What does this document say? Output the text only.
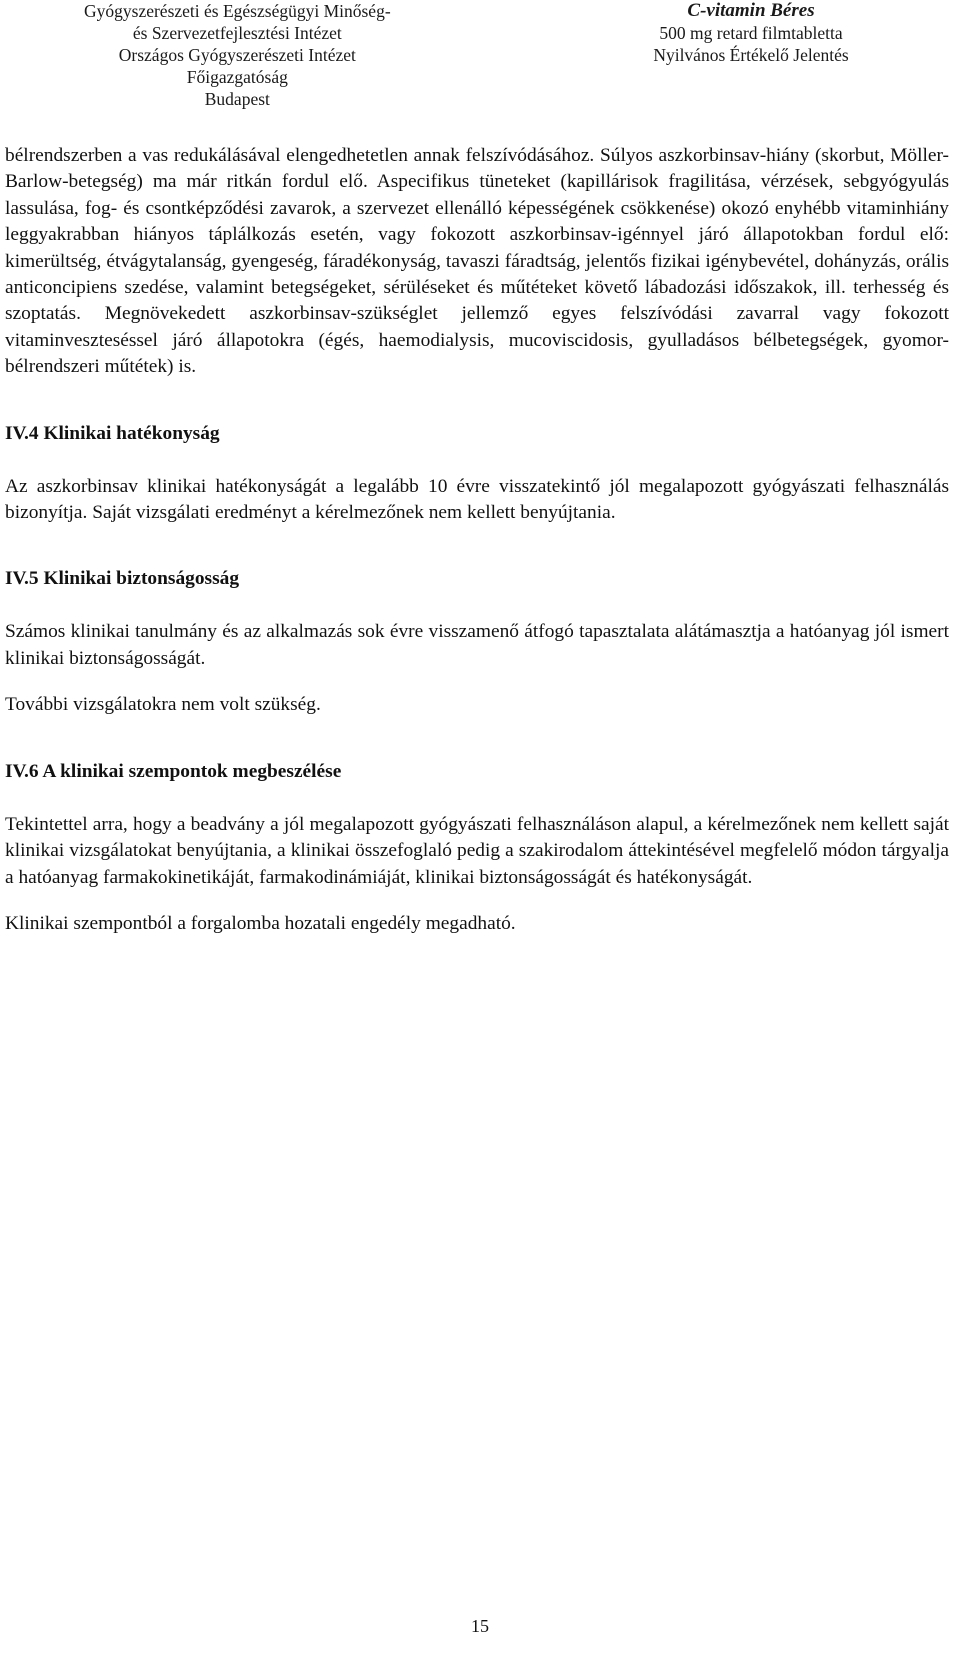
Gyógyszerészeti és Egészségügyi Minőség-
és Szervezetfejlesztési Intézet
Országos Gyógyszerészeti Intézet
Főigazgatóság
Budapest
C-vitamin Béres
500 mg retard filmtabletta
Nyilvános Értékelő Jelentés

bélrendszerben a vas redukálásával elengedhetetlen annak felszívódásához. Súlyos aszkorbinsav-hiány (skorbut, Möller-Barlow-betegség) ma már ritkán fordul elő. Aspecifikus tüneteket (kapillárisok fragilitása, vérzések, sebgyógyulás lassulása, fog- és csontképződési zavarok, a szervezet ellenálló képességének csökkenése) okozó enyhébb vitaminhiány leggyakrabban hiányos táplálkozás esetén, vagy fokozott aszkorbinsav-igénnyel járó állapotokban fordul elő: kimerültség, étvágytalanság, gyengeség, fáradékonyság, tavaszi fáradtság, jelentős fizikai igénybevétel, dohányzás, orális anticoncipiens szedése, valamint betegségeket, sérüléseket és műtéteket követő lábadozási időszakok, ill. terhesség és szoptatás. Megnövekedett aszkorbinsav-szükséglet jellemző egyes felszívódási zavarral vagy fokozott vitaminveszteséssel járó állapotokra (égés, haemodialysis, mucoviscidosis, gyulladásos bélbetegségek, gyomor-bélrendszeri műtétek) is.

IV.4 Klinikai hatékonyság

Az aszkorbinsav klinikai hatékonyságát a legalább 10 évre visszatekintő jól megalapozott gyógyászati felhasználás bizonyítja. Saját vizsgálati eredményt a kérelmezőnek nem kellett benyújtania.

IV.5 Klinikai biztonságosság

Számos klinikai tanulmány és az alkalmazás sok évre visszamenő átfogó tapasztalata alátámasztja a hatóanyag jól ismert klinikai biztonságosságát.

További vizsgálatokra nem volt szükség.

IV.6 A klinikai szempontok megbeszélése

Tekintettel arra, hogy a beadvány a jól megalapozott gyógyászati felhasználáson alapul, a kérelmezőnek nem kellett saját klinikai vizsgálatokat benyújtania, a klinikai összefoglaló pedig a szakirodalom áttekintésével megfelelő módon tárgyalja a hatóanyag farmakokinetikáját, farmakodinámiáját, klinikai biztonságosságát és hatékonyságát.

Klinikai szempontból a forgalomba hozatali engedély megadható.

15
